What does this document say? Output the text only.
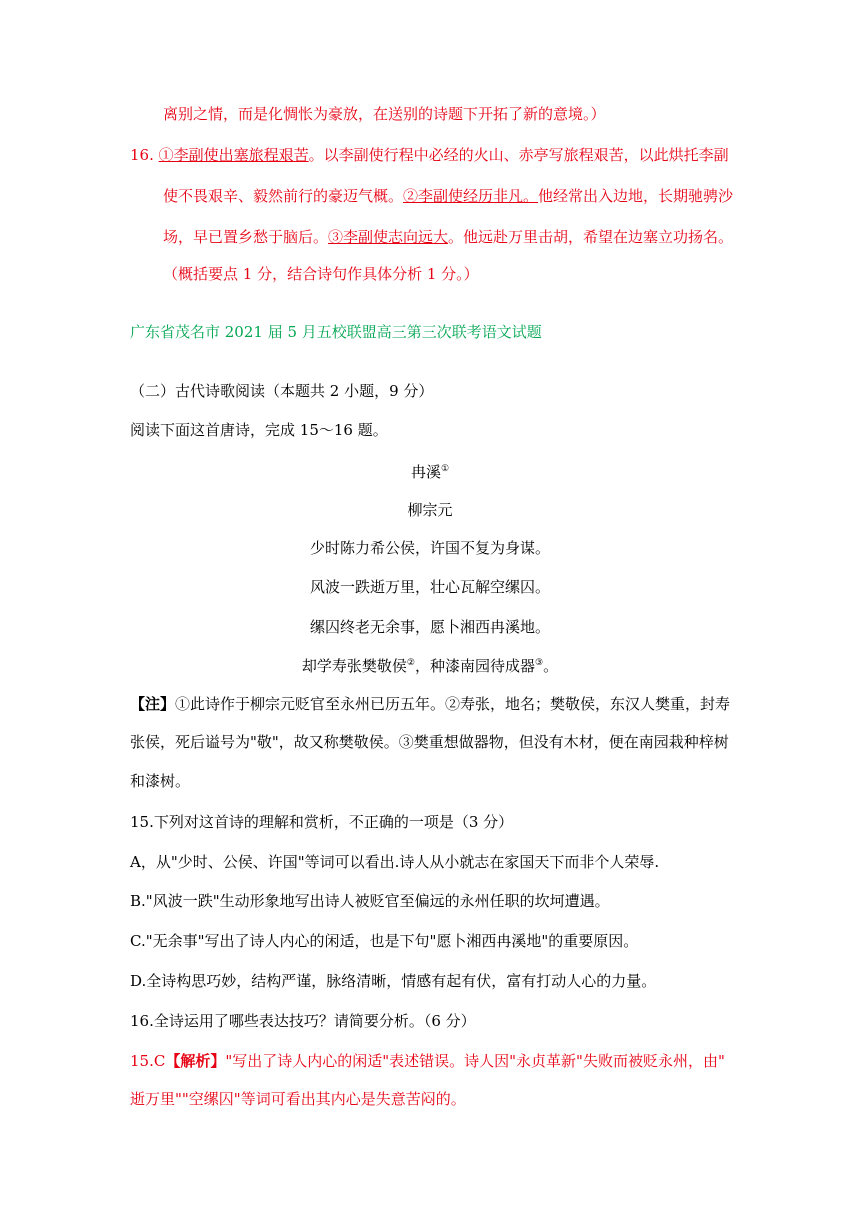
离别之情，而是化惆怅为豪放，在送别的诗题下开拓了新的意境。）
16. ①李副使出塞旅程艰苦。以李副使行程中必经的火山、赤亭写旅程艰苦，以此烘托李副
使不畏艰辛、毅然前行的豪迈气概。②李副使经历非凡。他经常出入边地，长期驰骋沙
场，早已置乡愁于脑后。③李副使志向远大。他远赴万里击胡，希望在边塞立功扬名。
（概括要点 1 分，结合诗句作具体分析 1 分。）
广东省茂名市 2021 届 5 月五校联盟高三第三次联考语文试题
（二）古代诗歌阅读（本题共 2 小题，9 分）
阅读下面这首唐诗，完成 15～16 题。
冉溪①
柳宗元
少时陈力希公侯，许国不复为身谋。
风波一跌逝万里，壮心瓦解空缧囚。
缧囚终老无余事，愿卜湘西冉溪地。
却学寿张樊敬侯②，种漆南园待成器③。
【注】①此诗作于柳宗元贬官至永州已历五年。②寿张，地名；樊敬侯，东汉人樊重，封寿
张侯，死后谥号为"敬"，故又称樊敬侯。③樊重想做器物，但没有木材，便在南园栽种梓树
和漆树。
15.下列对这首诗的理解和赏析，不正确的一项是（3 分）
A，从"少时、公侯、许国"等词可以看出.诗人从小就志在家国天下而非个人荣辱.
B."风波一跌"生动形象地写出诗人被贬官至偏远的永州任职的坎坷遭遇。
C."无余事"写出了诗人内心的闲适，也是下句"愿卜湘西冉溪地"的重要原因。
D.全诗构思巧妙，结构严谨，脉络清晰，情感有起有伏，富有打动人心的力量。
16.全诗运用了哪些表达技巧？请简要分析。（6 分）
15.C【解析】"写出了诗人内心的闲适"表述错误。诗人因"永贞革新"失败而被贬永州，由"
逝万里""空缧囚"等词可看出其内心是失意苦闷的。
